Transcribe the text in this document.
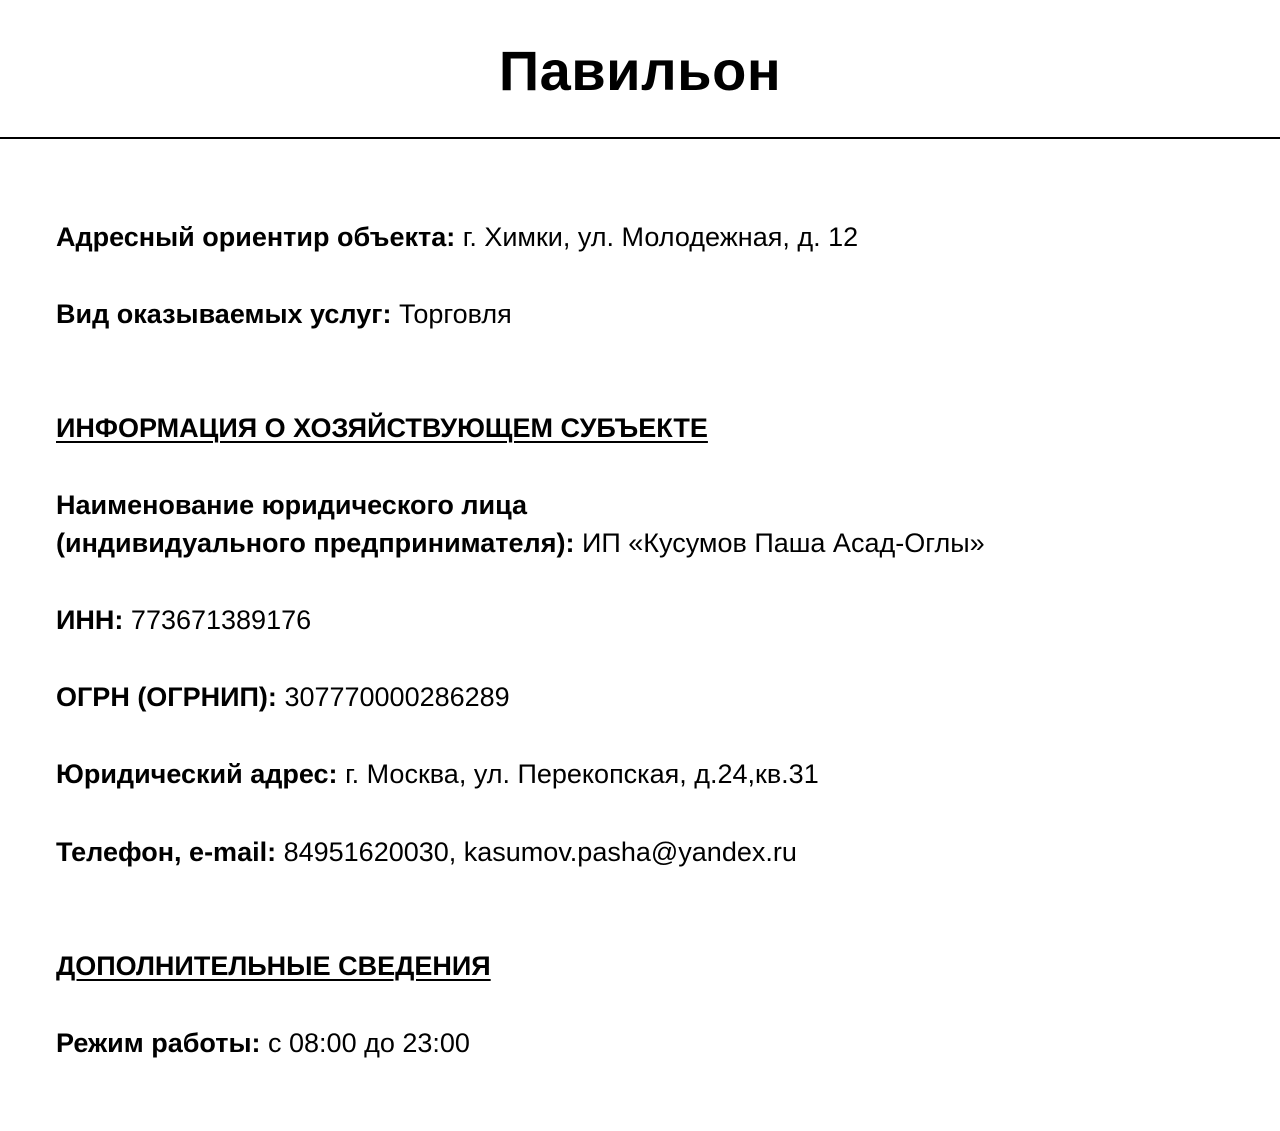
Павильон
Адресный ориентир объекта: г. Химки, ул. Молодежная, д. 12
Вид оказываемых услуг: Торговля
ИНФОРМАЦИЯ О ХОЗЯЙСТВУЮЩЕМ СУБЪЕКТЕ
Наименование юридического лица
(индивидуального предпринимателя): ИП «Кусумов Паша Асад-Оглы»
ИНН: 773671389176
ОГРН (ОГРНИП): 307770000286289
Юридический адрес: г. Москва, ул. Перекопская, д.24,кв.31
Телефон, e-mail: 84951620030, kasumov.pasha@yandex.ru
ДОПОЛНИТЕЛЬНЫЕ СВЕДЕНИЯ
Режим работы: с 08:00 до 23:00
